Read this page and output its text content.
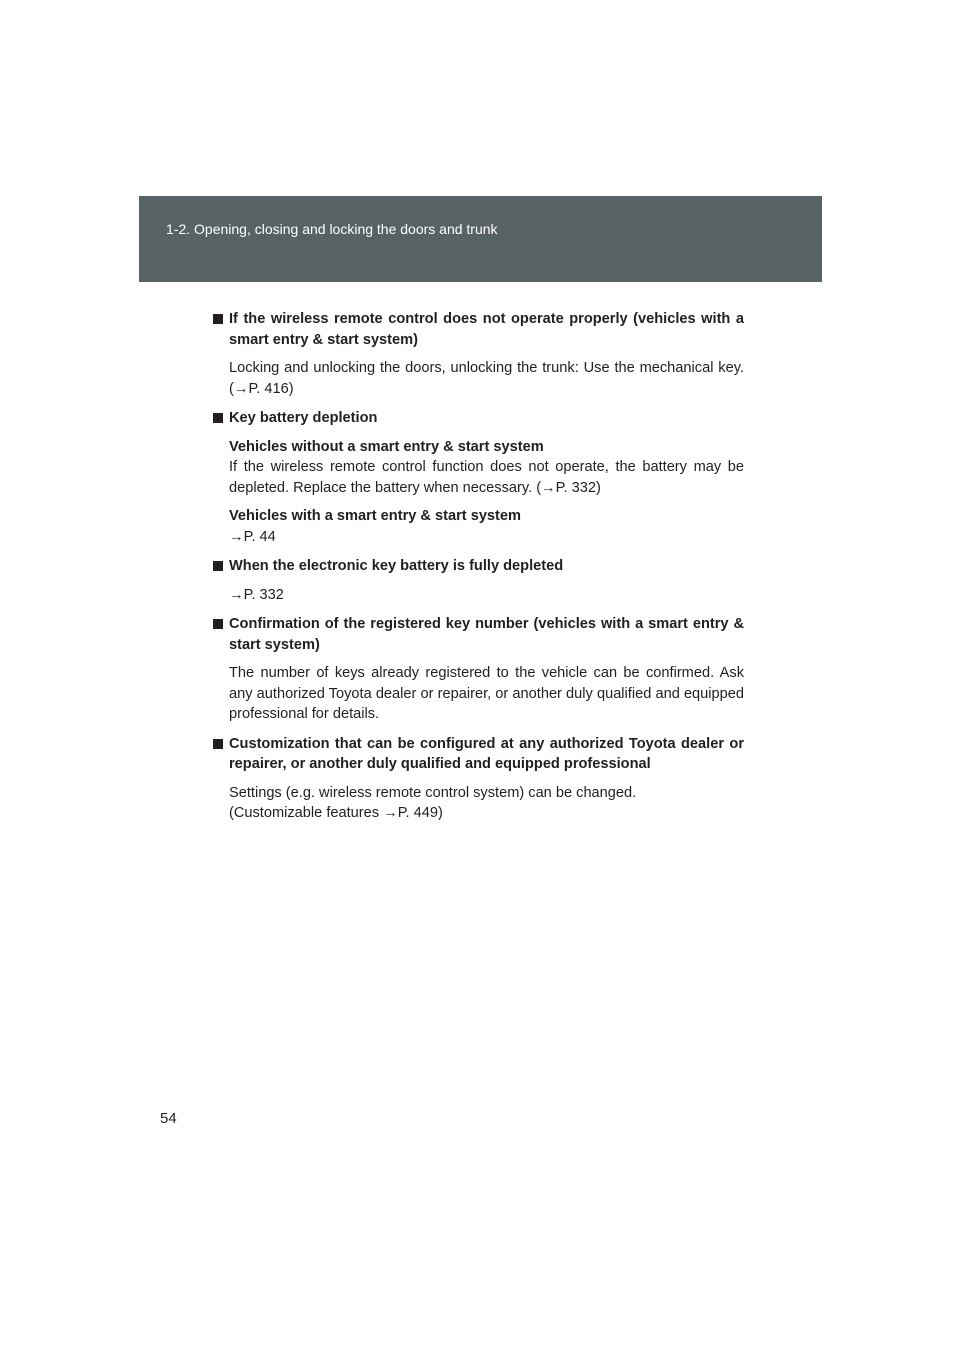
1-2. Opening, closing and locking the doors and trunk
If the wireless remote control does not operate properly (vehicles with a smart entry & start system)
Locking and unlocking the doors, unlocking the trunk: Use the mechanical key. (→P. 416)
Key battery depletion
Vehicles without a smart entry & start system
If the wireless remote control function does not operate, the battery may be depleted. Replace the battery when necessary. (→P. 332)
Vehicles with a smart entry & start system
→P. 44
When the electronic key battery is fully depleted
→P. 332
Confirmation of the registered key number (vehicles with a smart entry & start system)
The number of keys already registered to the vehicle can be confirmed. Ask any authorized Toyota dealer or repairer, or another duly qualified and equipped professional for details.
Customization that can be configured at any authorized Toyota dealer or repairer, or another duly qualified and equipped professional
Settings (e.g. wireless remote control system) can be changed.
(Customizable features →P. 449)
54
